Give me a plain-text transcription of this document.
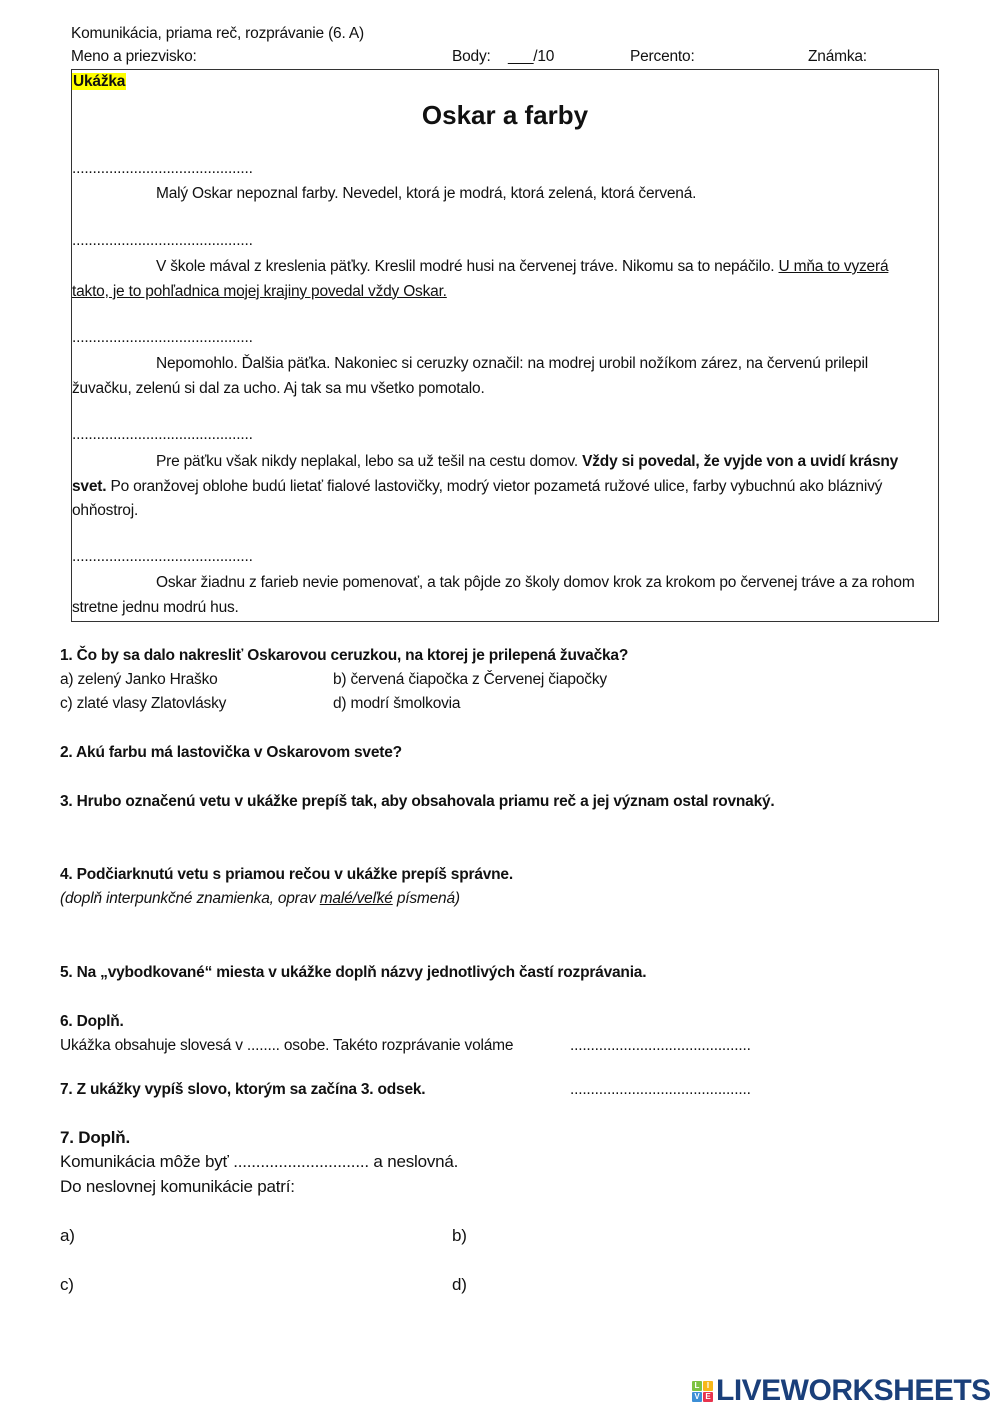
Komunikácia, priama reč, rozprávanie (6. A)
Meno a priezvisko:	Body: ___/10	Percento:	Známka:
Ukážka
Oskar a farby
............................................
Malý Oskar nepoznal farby. Nevedel, ktorá je modrá, ktorá zelená, ktorá červená.
............................................
V škole mával z kreslenia päťky. Kreslil modré husi na červenej tráve. Nikomu sa to nepáčilo. U mňa to vyzerá takto, je to pohľadnica mojej krajiny povedal vždy Oskar.
............................................
Nepomohlo. Ďalšia päťka. Nakoniec si ceruzky označil: na modrej urobil nožíkom zárez, na červenú prilepil žuvačku, zelenú si dal za ucho. Aj tak sa mu všetko pomotalo.
............................................
Pre päťku však nikdy neplakal, lebo sa už tešil na cestu domov. Vždy si povedal, že vyjde von a uvidí krásny svet. Po oranžovej oblohe budú lietať fialové lastovičky, modrý vietor pozametá ružové ulice, farby vybuchnú ako bláznivý ohňostroj.
............................................
Oskar žiadnu z farieb nevie pomenovať, a tak pôjde zo školy domov krok za krokom po červenej tráve a za rohom stretne jednu modrú hus.
1. Čo by sa dalo nakresliť Oskarovou ceruzkou, na ktorej je prilepená žuvačka?
a) zelený Janko Hraško	b) červená čiapočka z Červenej čiapočky
c) zlaté vlasy Zlatovlásky	d) modrí šmolkovia
2. Akú farbu má lastovička v Oskarovom svete?
3. Hrubo označenú vetu v ukážke prepíš tak, aby obsahovala priamu reč a jej význam ostal rovnaký.
4. Podčiarknutú vetu s priamou rečou v ukážke prepíš správne.
(doplň interpunkčné znamienka, oprav malé/veľké písmená)
5. Na „vybodkované“ miesta v ukážke doplň názvy jednotlivých častí rozprávania.
6. Doplň.
Ukážka obsahuje slovesá v ........ osobe. Takéto rozprávanie voláme	............................................
7. Z ukážky vypíš slovo, ktorým sa začína 3. odsek.	............................................
7. Doplň.
Komunikácia môže byť .............................. a neslovná.
Do neslovnej komunikácie patrí:
a)	b)
c)	d)
L I
V E LIVEWORKSHEETS
